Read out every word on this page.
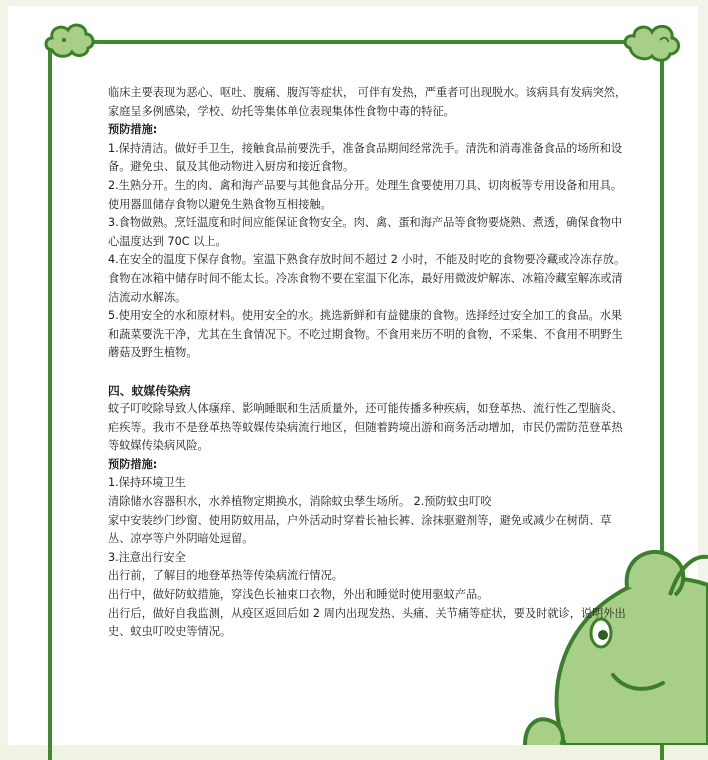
临床主要表现为恶心、呕吐、腹痛、腹泻等症状， 可伴有发热，严重者可出现脱水。该病具有发病突然，家庭呈多例感染，学校、幼托等集体单位表现集体性食物中毒的特征。

预防措施:

1.保持清洁。做好手卫生，接触食品前要洗手，准备食品期间经常洗手。清洗和消毒准备食品的场所和设备。避免虫、鼠及其他动物进入厨房和接近食物。

2.生熟分开。生的肉、禽和海产品要与其他食品分开。处理生食要使用刀具、切肉板等专用设备和用具。 使用器皿储存食物以避免生熟食物互相接触。

3.食物做熟。烹饪温度和时间应能保证食物安全。肉、禽、蛋和海产品等食物要烧熟、煮透，确保食物中心温度达到 70C 以上。

4.在安全的温度下保存食物。室温下熟食存放时间不超过 2 小时，不能及时吃的食物要冷藏或冷冻存放。食物在冰箱中储存时间不能太长。冷冻食物不要在室温下化冻，最好用微波炉解冻、冰箱冷藏室解冻或清洁流动水解冻。

5.使用安全的水和原材料。使用安全的水。挑选新鲜和有益健康的食物。选择经过安全加工的食品。水果和蔬菜要洗干净，尤其在生食情况下。不吃过期食物。不食用来历不明的食物，不采集、不食用不明野生蘑菇及野生植物。

四、蚊媒传染病

蚊子叮咬除导致人体瘙痒、影响睡眠和生活质量外，还可能传播多种疾病，如登革热、流行性乙型脑炎、疟疾等。我市不是登革热等蚊媒传染病流行地区，但随着跨境出游和商务活动增加，市民仍需防范登革热等蚊媒传染病风险。

预防措施:

1.保持环境卫生

清除储水容器积水，水养植物定期换水，消除蚊虫孳生场所。 2.预防蚊虫叮咬

家中安装纱门纱窗、使用防蚊用品，户外活动时穿着长袖长裤、涂抹驱避剂等，避免或减少在树荫、草丛、凉亭等户外阴暗处逗留。

3.注意出行安全

出行前，了解目的地登革热等传染病流行情况。

出行中，做好防蚊措施，穿浅色长袖束口衣物，外出和睡觉时使用驱蚊产品。

出行后，做好自我监测，从疫区返回后如 2 周内出现发热、头痛、关节痛等症状，要及时就诊，说明外出史、蚊虫叮咬史等情况。
